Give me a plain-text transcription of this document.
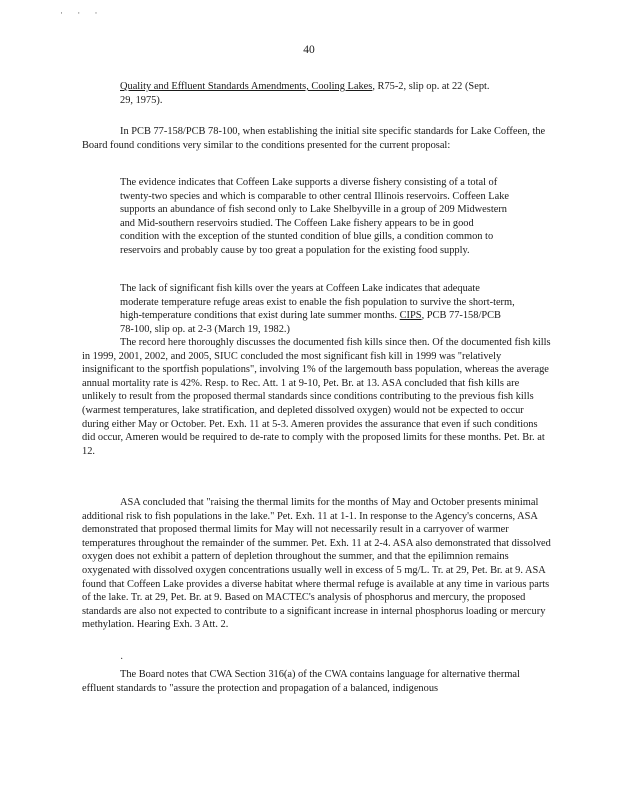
· · ·
40

Quality and Effluent Standards Amendments, Cooling Lakes, R75-2, slip op. at 22 (Sept. 29, 1975).

In PCB 77-158/PCB 78-100, when establishing the initial site specific standards for Lake Coffeen, the Board found conditions very similar to the conditions presented for the current proposal:

The evidence indicates that Coffeen Lake supports a diverse fishery consisting of a total of twenty-two species and which is comparable to other central Illinois reservoirs. Coffeen Lake supports an abundance of fish second only to Lake Shelbyville in a group of 209 Midwestern and Mid-southern reservoirs studied. The Coffeen Lake fishery appears to be in good condition with the exception of the stunted condition of blue gills, a condition common to reservoirs and probably cause by too great a population for the existing food supply.

The lack of significant fish kills over the years at Coffeen Lake indicates that adequate moderate temperature refuge areas exist to enable the fish population to survive the short-term, high-temperature conditions that exist during late summer months. CIPS, PCB 77-158/PCB 78-100, slip op. at 2-3 (March 19, 1982.)

The record here thoroughly discusses the documented fish kills since then. Of the documented fish kills in 1999, 2001, 2002, and 2005, SIUC concluded the most significant fish kill in 1999 was "relatively insignificant to the sportfish populations", involving 1% of the largemouth bass population, whereas the average annual mortality rate is 42%. Resp. to Rec. Att. 1 at 9-10, Pet. Br. at 13. ASA concluded that fish kills are unlikely to result from the proposed thermal standards since conditions contributing to the previous fish kills (warmest temperatures, lake stratification, and depleted dissolved oxygen) would not be expected to occur during either May or October. Pet. Exh. 11 at 5-3. Ameren provides the assurance that even if such conditions did occur, Ameren would be required to de-rate to comply with the proposed limits for these months. Pet. Br. at 12.

ASA concluded that "raising the thermal limits for the months of May and October presents minimal additional risk to fish populations in the lake." Pet. Exh. 11 at 1-1. In response to the Agency's concerns, ASA demonstrated that proposed thermal limits for May will not necessarily result in a carryover of warmer temperatures throughout the remainder of the summer. Pet. Exh. 11 at 2-4. ASA also demonstrated that dissolved oxygen does not exhibit a pattern of depletion throughout the summer, and that the epilimnion remains oxygenated with dissolved oxygen concentrations usually well in excess of 5 mg/L. Tr. at 29, Pet. Br. at 9. ASA found that Coffeen Lake provides a diverse habitat where thermal refuge is available at any time in various parts of the lake. Tr. at 29, Pet. Br. at 9. Based on MACTEC's analysis of phosphorus and mercury, the proposed standards are also not expected to contribute to a significant increase in internal phosphorus loading or mercury methylation. Hearing Exh. 3 Att. 2.

·

The Board notes that CWA Section 316(a) of the CWA contains language for alternative thermal effluent standards to "assure the protection and propagation of a balanced, indigenous
